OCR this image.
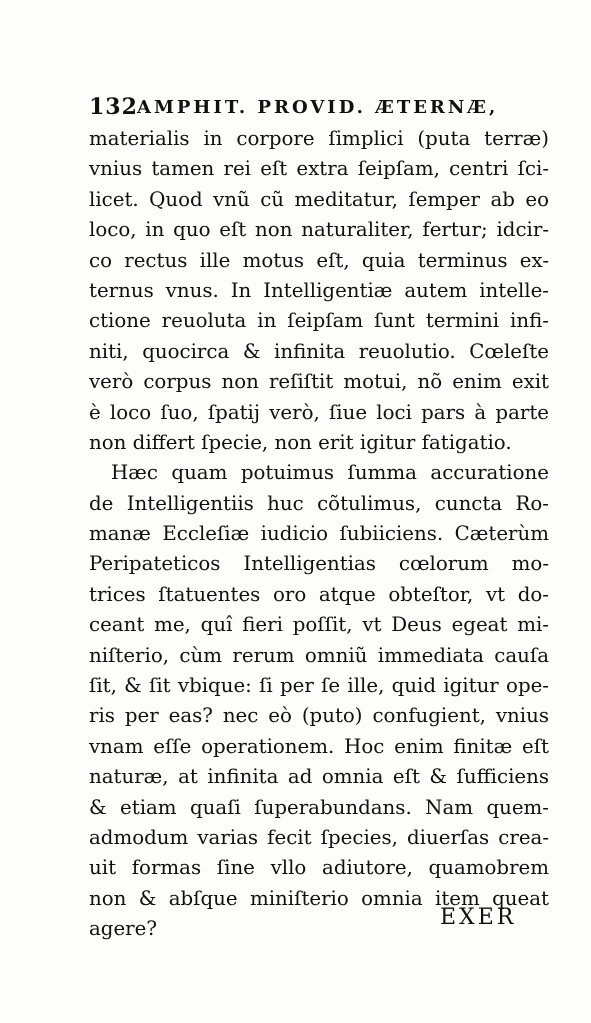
132 AMPHIT. PROVID. ÆTERNÆ,
materialis in corpore ſimplici (puta terræ)
vnius tamen rei eſt extra ſeipſam, centri ſci-
licet. Quod vnũ cũ meditatur, ſemper ab eo
loco, in quo eſt non naturaliter, fertur; idcir-
co rectus ille motus eſt, quia terminus ex-
ternus vnus. In Intelligentiæ autem intelle-
ctione reuoluta in ſeipſam ſunt termini infi-
niti, quocirca & infinita reuolutio. Cœleſte
verò corpus non reſiſtit motui, nõ enim exit
è loco ſuo, ſpatij verò, ſiue loci pars à parte
non differt ſpecie, non erit igitur fatigatio.
Hæc quam potuimus ſumma accuratione
de Intelligentiis huc cõtulimus, cuncta Ro-
manæ Eccleſiæ iudicio ſubiiciens. Cæterùm
Peripateticos Intelligentias cœlorum mo-
trices ſtatuentes oro atque obteſtor, vt do-
ceant me, quî fieri poſſit, vt Deus egeat mi-
niſterio, cùm rerum omniũ immediata cauſa
ſit, & ſit vbique: ſi per ſe ille, quid igitur ope-
ris per eas? nec eò (puto) confugient, vnius
vnam eſſe operationem. Hoc enim finitæ eſt
naturæ, at infinita ad omnia eſt & ſufficiens
& etiam quaſi ſuperabundans. Nam quem-
admodum varias fecit ſpecies, diuerſas crea-
uit formas ſine vllo adiutore, quamobrem
non & abſque miniſterio omnia item queat
agere?	EXER
